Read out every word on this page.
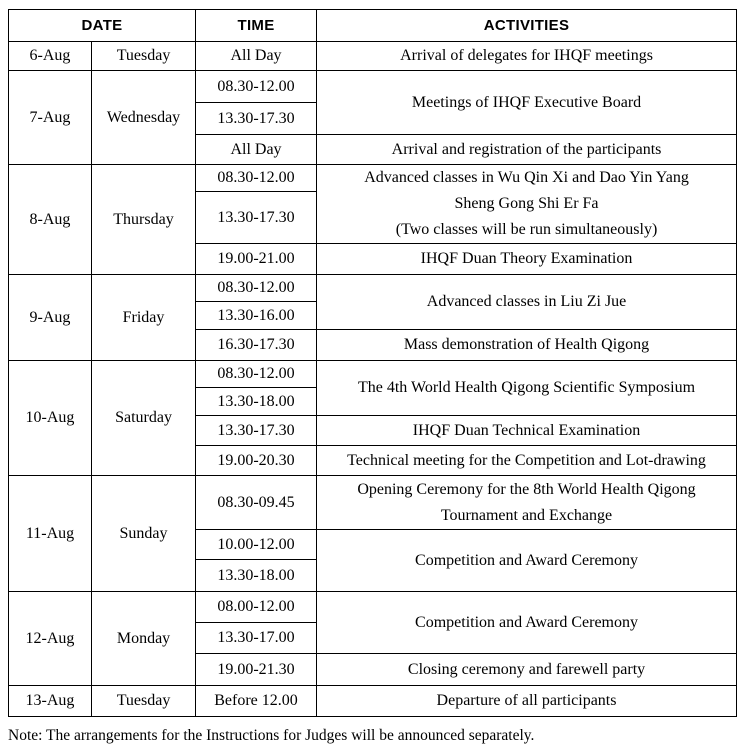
DATE		TIME	ACTIVITIES
6-Aug	Tuesday	All Day	Arrival of delegates for IHQF meetings
7-Aug	Wednesday	08.30-12.00	Meetings of IHQF Executive Board
		13.30-17.30	
		All Day	Arrival and registration of the participants
8-Aug	Thursday	08.30-12.00	Advanced classes in Wu Qin Xi and Dao Yin Yang
Sheng Gong Shi Er Fa
(Two classes will be run simultaneously)

		13.30-17.30	
		19.00-21.00	IHQF Duan Theory Examination
9-Aug	Friday	08.30-12.00	Advanced classes in Liu Zi Jue
		13.30-16.00	
		16.30-17.30	Mass demonstration of Health Qigong
10-Aug	Saturday	08.30-12.00	The 4th World Health Qigong Scientific Symposium
		13.30-18.00	
		13.30-17.30	IHQF Duan Technical Examination
		19.00-20.30	Technical meeting for the Competition and Lot-drawing
11-Aug	Sunday	08.30-09.45	Opening Ceremony for the 8th World Health Qigong
Tournament and Exchange

		10.00-12.00	Competition and Award Ceremony
		13.30-18.00	
12-Aug	Monday	08.00-12.00	Competition and Award Ceremony
		13.30-17.00	
		19.00-21.30	Closing ceremony and farewell party
13-Aug	Tuesday	Before 12.00	Departure of all participants
Note: The arrangements for the Instructions for Judges will be announced separately.
